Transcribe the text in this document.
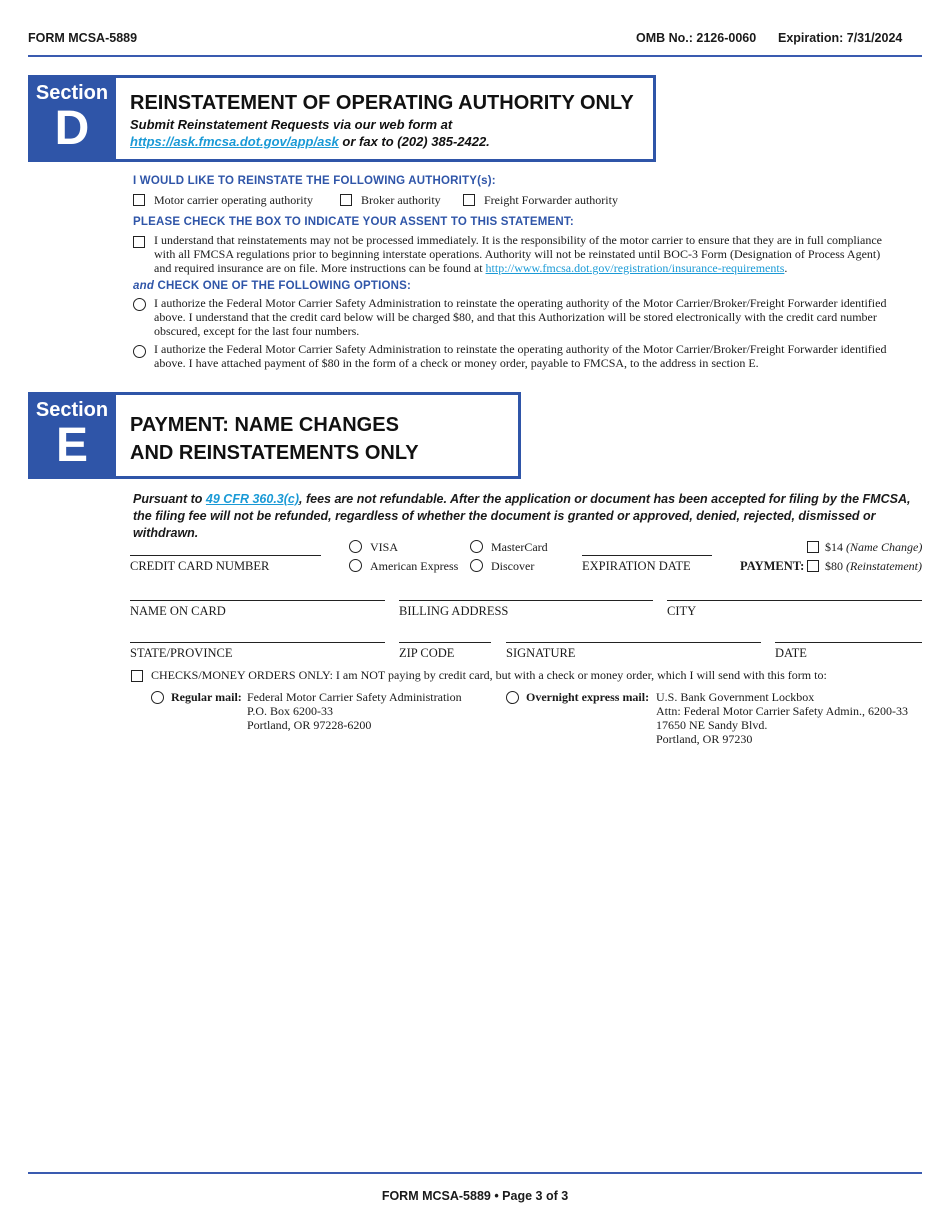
FORM MCSA-5889	OMB No.: 2126-0060 Expiration: 7/31/2024
Section
D	REINSTATEMENT OF OPERATING AUTHORITY ONLY
Submit Reinstatement Requests via our web form at
https://ask.fmcsa.dot.gov/app/ask or fax to (202) 385-2422.
I WOULD LIKE TO REINSTATE THE FOLLOWING AUTHORITY(s):
Motor carrier operating authority	Broker authority	Freight Forwarder authority
PLEASE CHECK THE BOX TO INDICATE YOUR ASSENT TO THIS STATEMENT:
I understand that reinstatements may not be processed immediately. It is the responsibility of the motor carrier to ensure that they are in full compliance with all FMCSA regulations prior to beginning interstate operations. Authority will not be reinstated until BOC-3 Form (Designation of Process Agent) and required insurance are on file. More instructions can be found at http://www.fmcsa.dot.gov/registration/insurance-requirements.
and CHECK ONE OF THE FOLLOWING OPTIONS:
I authorize the Federal Motor Carrier Safety Administration to reinstate the operating authority of the Motor Carrier/Broker/Freight Forwarder identified above. I understand that the credit card below will be charged $80, and that this Authorization will be stored electronically with the credit card number obscured, except for the last four numbers.
I authorize the Federal Motor Carrier Safety Administration to reinstate the operating authority of the Motor Carrier/Broker/Freight Forwarder identified above. I have attached payment of $80 in the form of a check or money order, payable to FMCSA, to the address in section E.
Section
E	PAYMENT: NAME CHANGES
AND REINSTATEMENTS ONLY
Pursuant to 49 CFR 360.3(c), fees are not refundable. After the application or document has been accepted for filing by the FMCSA, the filing fee will not be refunded, regardless of whether the document is granted or approved, denied, rejected, dismissed or withdrawn.
CREDIT CARD NUMBER
VISA	MasterCard
American Express	Discover	EXPIRATION DATE
$14 (Name Change)
PAYMENT:	$80 (Reinstatement)
NAME ON CARD	BILLING ADDRESS	CITY
STATE/PROVINCE	ZIP CODE	SIGNATURE	DATE
CHECKS/MONEY ORDERS ONLY: I am NOT paying by credit card, but with a check or money order, which I will send with this form to:
Regular mail: Federal Motor Carrier Safety Administration
P.O. Box 6200-33
Portland, OR 97228-6200
Overnight express mail: U.S. Bank Government Lockbox
Attn: Federal Motor Carrier Safety Admin., 6200-33
17650 NE Sandy Blvd.
Portland, OR 97230
FORM MCSA-5889 • Page 3 of 3
